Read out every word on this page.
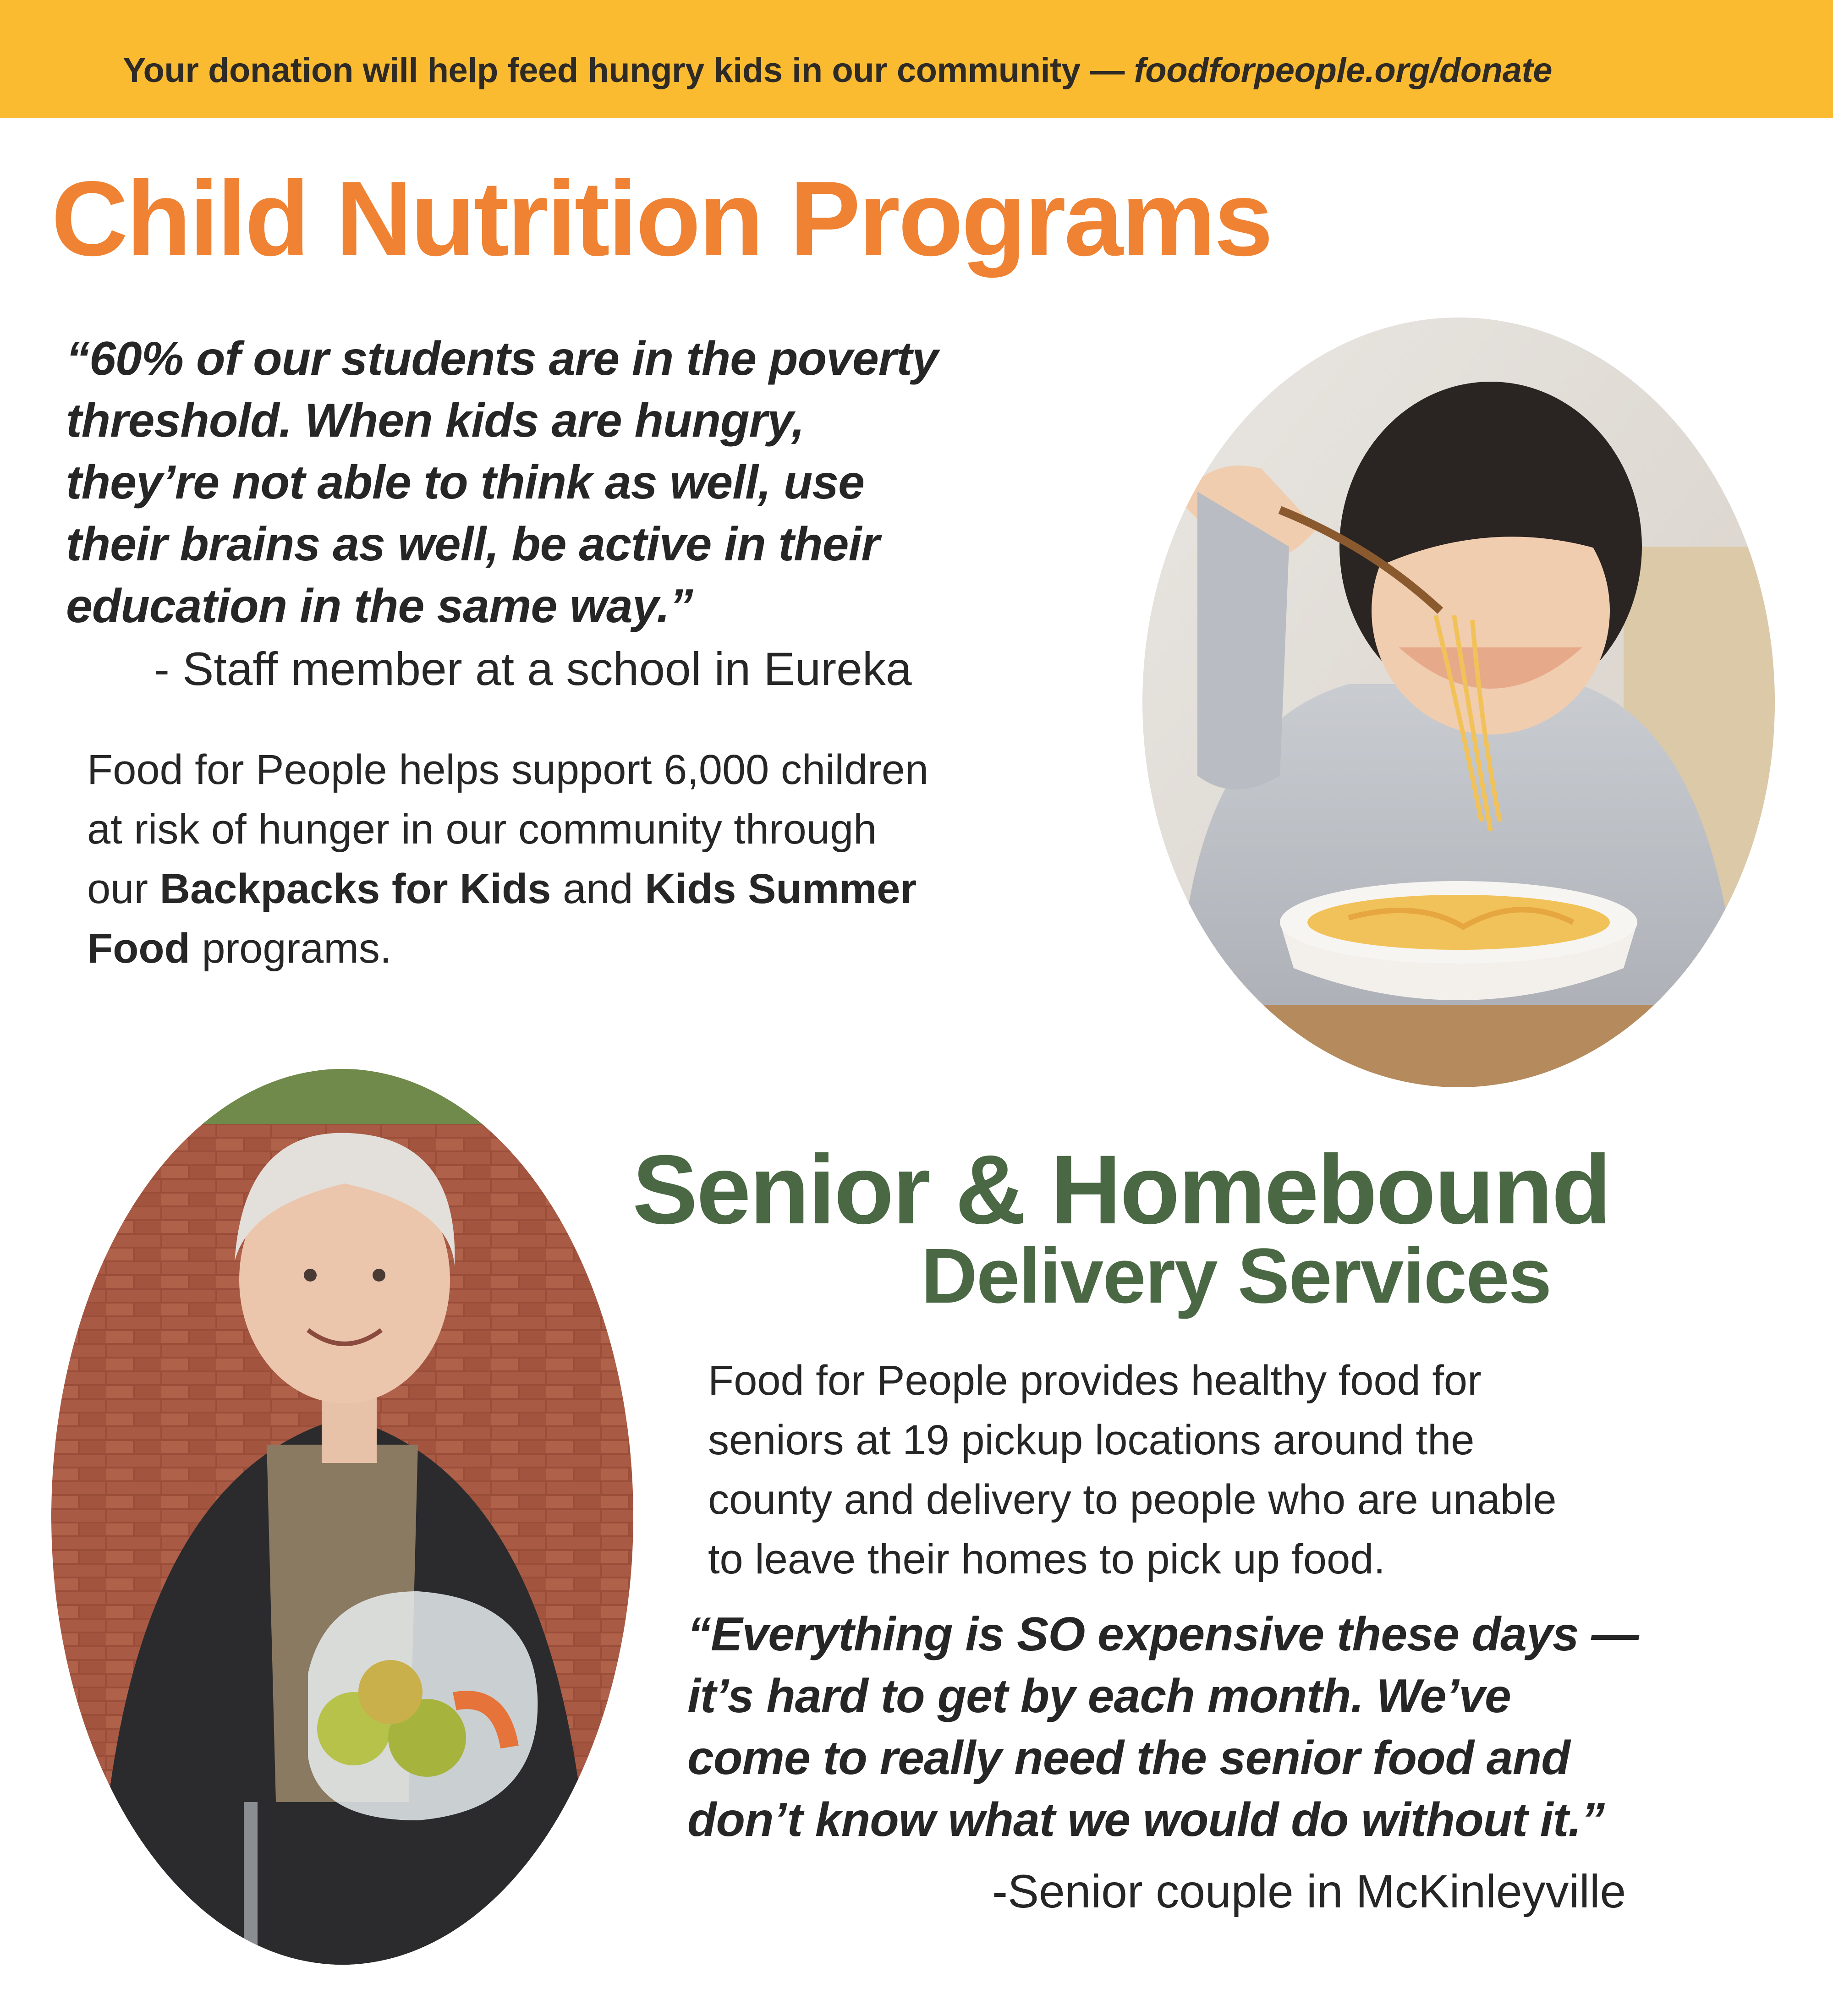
Your donation will help feed hungry kids in our community — foodforpeople.org/donate
Child Nutrition Programs
“60% of our students are in the poverty
threshold. When kids are hungry,
they’re not able to think as well, use
their brains as well, be active in their
education in the same way.”
- Staff member at a school in Eureka
Food for People helps support 6,000 children
at risk of hunger in our community through
our Backpacks for Kids and Kids Summer
Food programs.
Senior & Homebound
Delivery Services
Food for People provides healthy food for
seniors at 19 pickup locations around the
county and delivery to people who are unable
to leave their homes to pick up food.
“Everything is SO expensive these days —
it’s hard to get by each month. We’ve
come to really need the senior food and
don’t know what we would do without it.”
-Senior couple in McKinleyville
